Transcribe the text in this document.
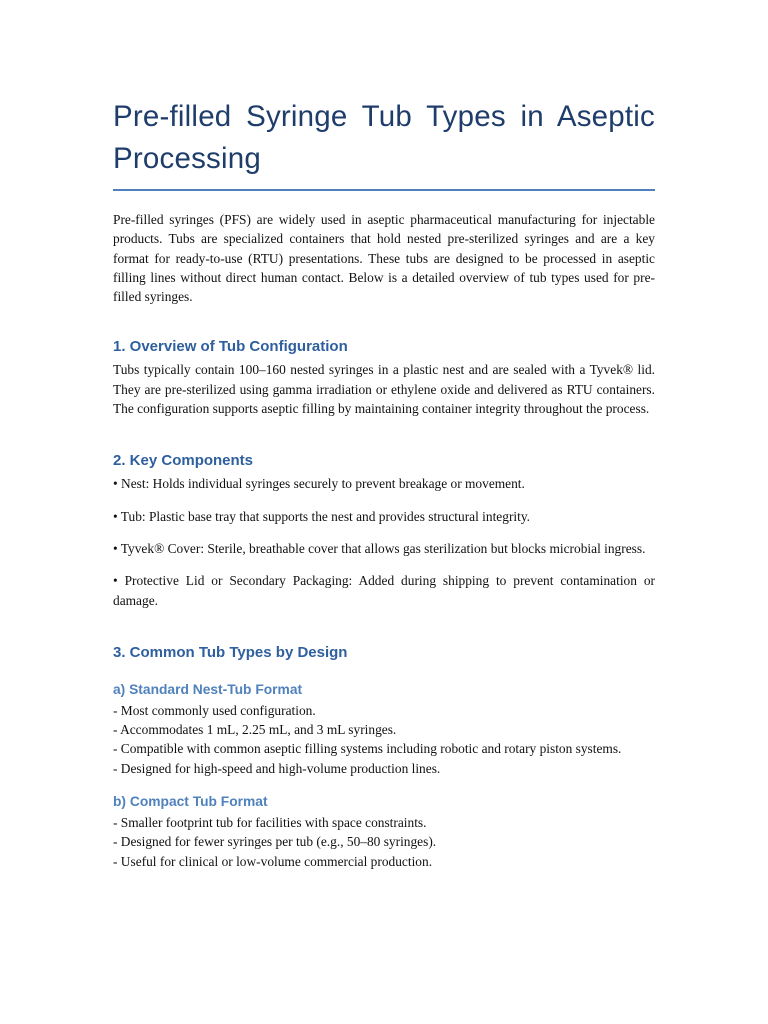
Pre-filled Syringe Tub Types in Aseptic Processing

Pre-filled syringes (PFS) are widely used in aseptic pharmaceutical manufacturing for injectable products. Tubs are specialized containers that hold nested pre-sterilized syringes and are a key format for ready-to-use (RTU) presentations. These tubs are designed to be processed in aseptic filling lines without direct human contact. Below is a detailed overview of tub types used for pre-filled syringes.

1. Overview of Tub Configuration

Tubs typically contain 100–160 nested syringes in a plastic nest and are sealed with a Tyvek® lid. They are pre-sterilized using gamma irradiation or ethylene oxide and delivered as RTU containers. The configuration supports aseptic filling by maintaining container integrity throughout the process.

2. Key Components

• Nest: Holds individual syringes securely to prevent breakage or movement.

• Tub: Plastic base tray that supports the nest and provides structural integrity.

• Tyvek® Cover: Sterile, breathable cover that allows gas sterilization but blocks microbial ingress.

• Protective Lid or Secondary Packaging: Added during shipping to prevent contamination or damage.

3. Common Tub Types by Design
a) Standard Nest-Tub Format

- Most commonly used configuration.

- Accommodates 1 mL, 2.25 mL, and 3 mL syringes.

- Compatible with common aseptic filling systems including robotic and rotary piston systems.

- Designed for high-speed and high-volume production lines.

b) Compact Tub Format

- Smaller footprint tub for facilities with space constraints.

- Designed for fewer syringes per tub (e.g., 50–80 syringes).

- Useful for clinical or low-volume commercial production.
